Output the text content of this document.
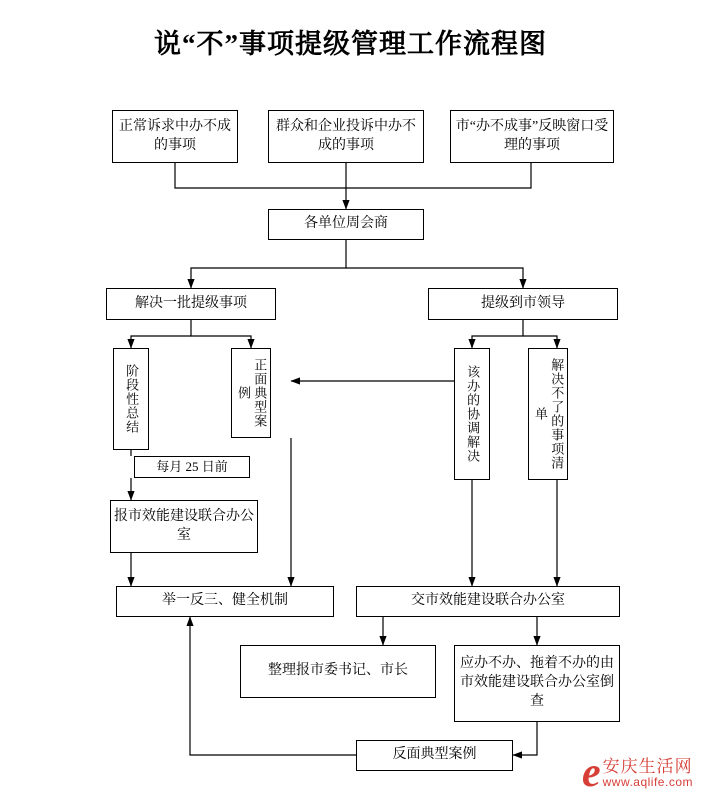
说“不”事项提级管理工作流程图
正常诉求中办不成的事项
群众和企业投诉中办不成的事项
市“办不成事”反映窗口受理的事项
各单位周会商
解决一批提级事项	提级到市领导
阶段性总结	正面典型案例	该办的协调解决	解决不了的事项清单
每月 25 日前
报市效能建设联合办公室
举一反三、健全机制	交市效能建设联合办公室
整理报市委书记、市长	应办不办、拖着不办的由市效能建设联合办公室倒查
反面典型案例	e 安庆生活网
www.aqlife.com
